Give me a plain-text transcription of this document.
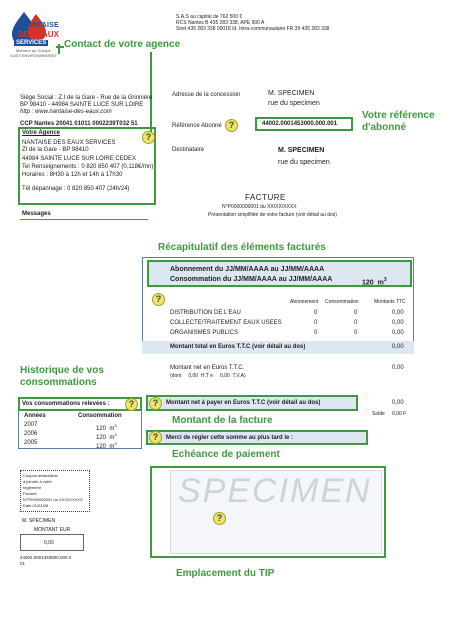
NANTAISE
DES EAUX
SERVICES
Membre du Groupe
SUEZ ENVIRONNEMENT
Contact de votre agence
S.A.S au capital de 762 500 €
RCS Nantes B 435 283 338, APE 900 A
Siret 435 283 338 00018 Id. Intra-communautaire FR 39 435 283 338
Siège Social : Z.I de la Gare - Rue de la Grinnière
BP 98410 - 44984 SAINTE LUCE SUR LOIRE
http : www.nantaise-des-eaux.com
CCP Nantes 20041 01011 0002239T032 51
Votre Agence	?
NANTAISE DES EAUX SERVICES
ZI de la Gare - BP 98410
44984 SAINTE LUCE SUR LOIRE CEDEX
Tel Renseignements : 0 820 850 407 (0,118€/mn)
Horaires : 8H30 à 12h et 14h à 17h30
Tél dépannage : 0 820 850 407 (24h/24)
Adresse de la concession	M. SPECIMEN
rue du specimen
Référence Abonné ?	44002.0001453000.000.001
Votre référence d'abonné
Destinataire	M. SPECIMEN
rue du specimen
FACTURE
N°P0000000001 du XX/XX/XXXX
Présentation simplifiée de votre facture (voir détail au dos)
Messages
Récapitulatif des éléments facturés
Abonnement du JJ/MM/AAAA au JJ/MM/AAAA
Consommation du JJ/MM/AAAA au JJ/MM/AAAA	120 $m^3$
?	Abonnement Consommation	Montants TTC
DISTRIBUTION DE L'EAU	0	0	0,00
COLLECTE/TRAITEMENT EAUX USEES	0	0	0,00
ORGANISMES PUBLICS	0	0	0,00
Montant total en Euros T.T.C (voir détail au dos)	0,00
Montant net en Euros T.T.C.	0,00
(dont 0,00 H.T e 0,00 T.V.A)
Historique de vos consommations
Vos consommations relevées :	?
Années	Consommation
2007
120 $m^3$
2006
120 $m^3$
2005
120 $m^3$
?	Montant net à payer en Euros T.T.C (voir détail au dos)	0,00
Solde 0,00 F
Montant de la facture
?	Merci de régler cette somme au plus tard le :
Echéance de paiement
Coupon détachable
à joindre à votre
règlement
Facture
N°P0000000001 du XX/XX/XXXX
Date 01/01/08
M. SPECIMEN
MONTANT EUR
0,00
44002.0001453000.000.0
01
SPECIMEN
?
Emplacement du TIP
